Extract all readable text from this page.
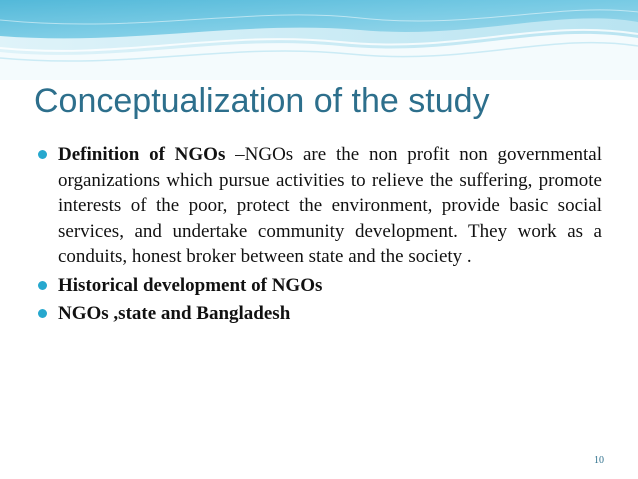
Conceptualization of the study
Definition of NGOs –NGOs are the non profit non governmental organizations which pursue activities to relieve the suffering, promote interests of the poor, protect the environment, provide basic social services, and undertake community development. They work as a conduits, honest broker between state and the society .
Historical development of NGOs
NGOs ,state and Bangladesh
10
